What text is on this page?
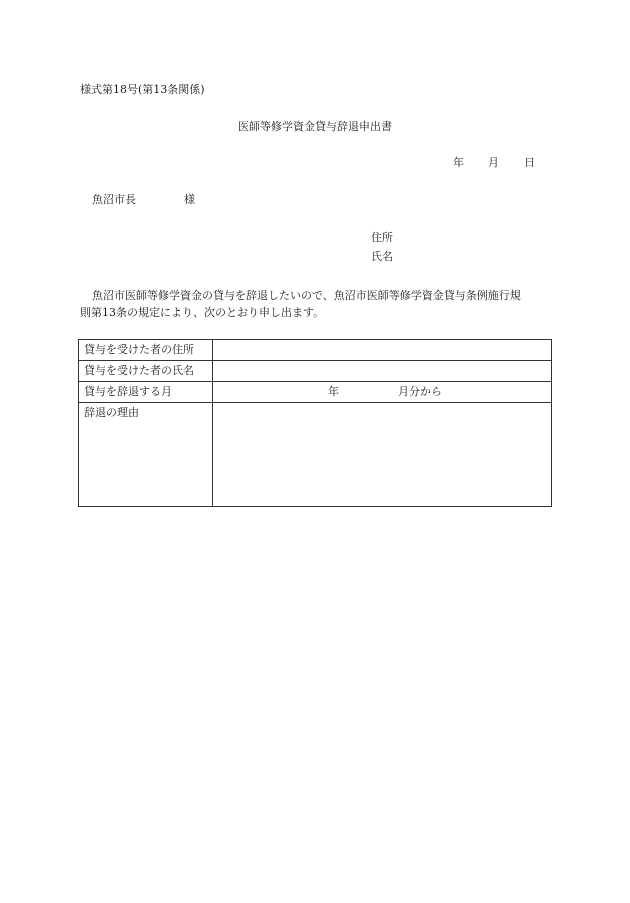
様式第18号(第13条関係)
医師等修学資金貸与辞退申出書
年 月 日
魚沼市長	様
住所
氏名
魚沼市医師等修学資金の貸与を辞退したいので、魚沼市医師等修学資金貸与条例施行規
則第13条の規定により、次のとおり申し出ます。
貸与を受けた者の住所	
貸与を受けた者の氏名	
貸与を辞退する月	年 月分から

辞退の理由	
